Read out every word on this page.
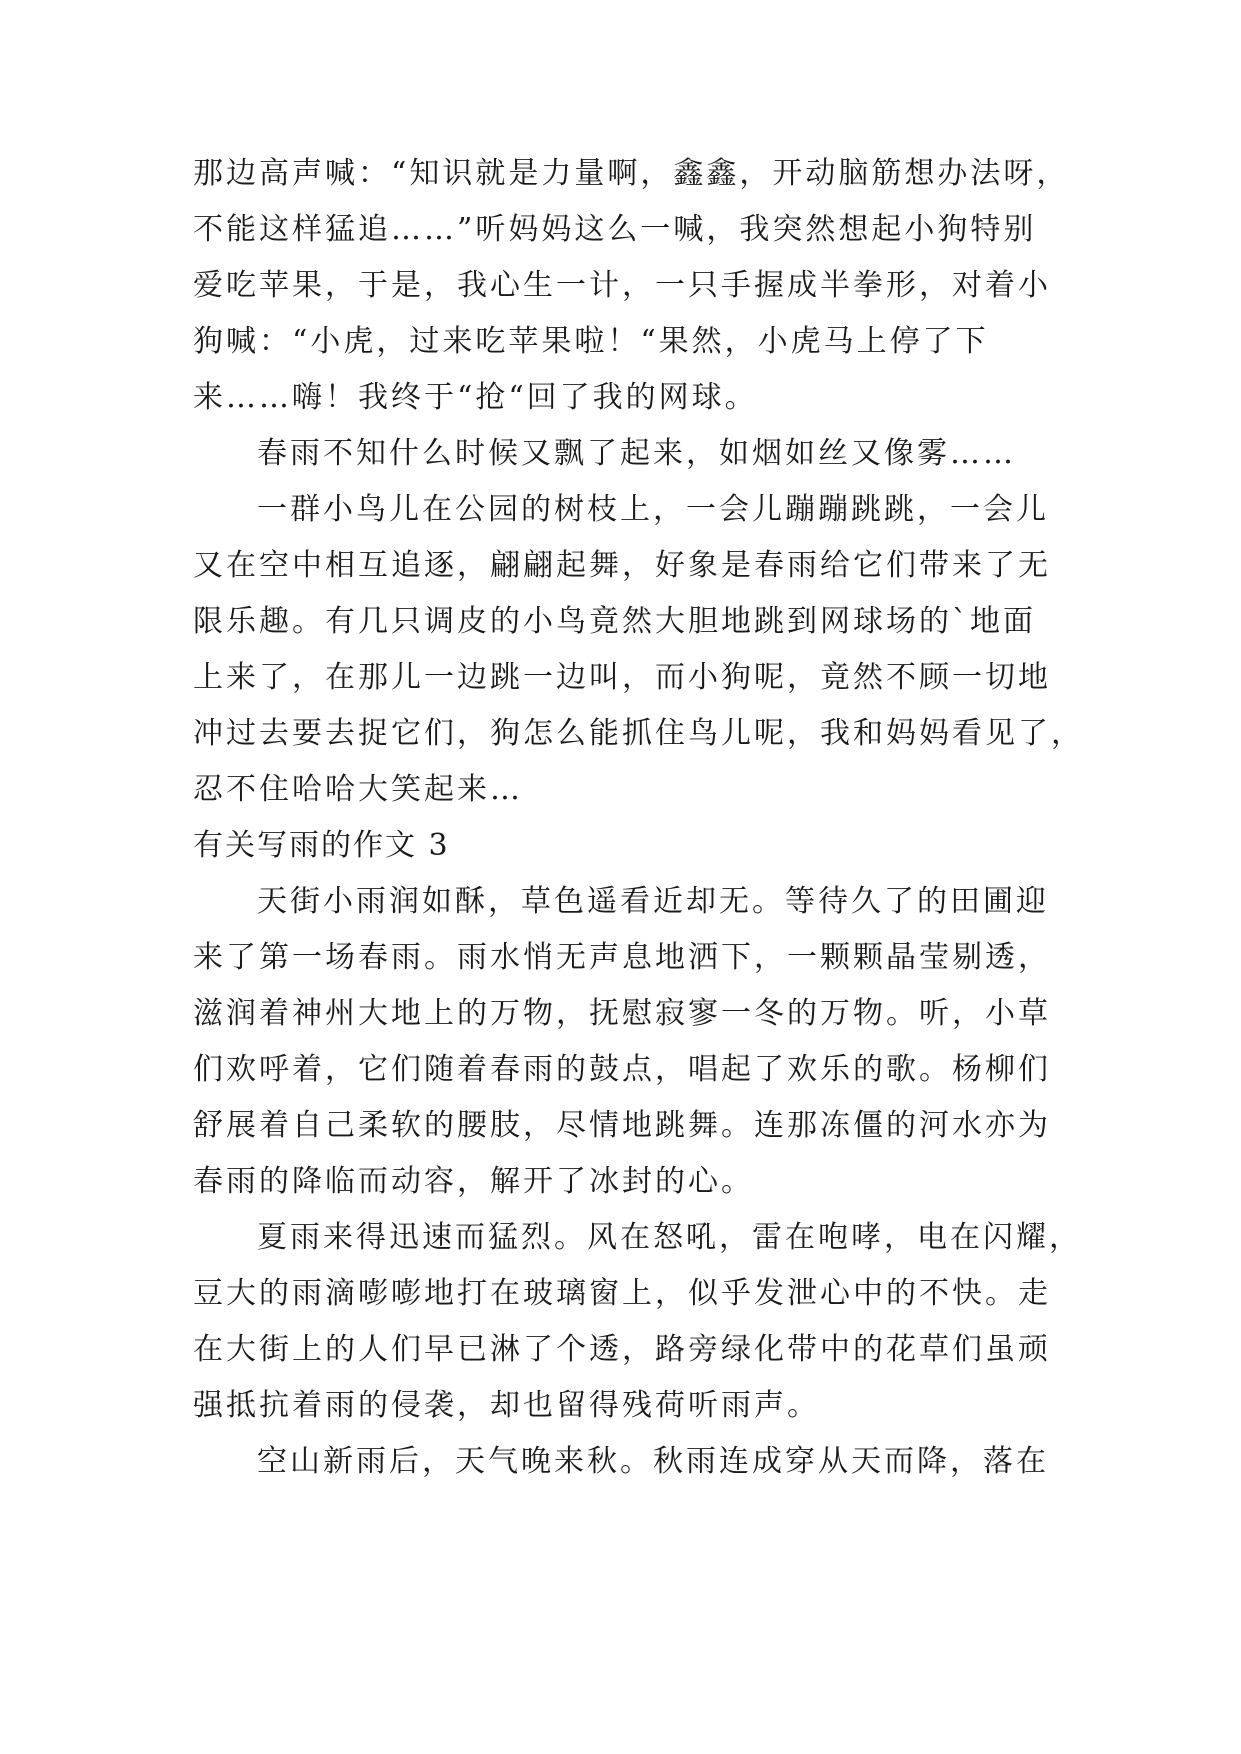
那边高声喊：“知识就是力量啊，鑫鑫，开动脑筋想办法呀，
不能这样猛追……”听妈妈这么一喊，我突然想起小狗特别
爱吃苹果，于是，我心生一计，一只手握成半拳形，对着小
狗喊：“小虎，过来吃苹果啦！“果然，小虎马上停了下
来……嗨！我终于“抢“回了我的网球。
春雨不知什么时候又飘了起来，如烟如丝又像雾……
一群小鸟儿在公园的树枝上，一会儿蹦蹦跳跳，一会儿
又在空中相互追逐，翩翩起舞，好象是春雨给它们带来了无
限乐趣。有几只调皮的小鸟竟然大胆地跳到网球场的`地面
上来了，在那儿一边跳一边叫，而小狗呢，竟然不顾一切地
冲过去要去捉它们，狗怎么能抓住鸟儿呢，我和妈妈看见了，
忍不住哈哈大笑起来…
有关写雨的作文 3
天街小雨润如酥，草色遥看近却无。等待久了的田圃迎
来了第一场春雨。雨水悄无声息地洒下，一颗颗晶莹剔透，
滋润着神州大地上的万物，抚慰寂寥一冬的万物。听，小草
们欢呼着，它们随着春雨的鼓点，唱起了欢乐的歌。杨柳们
舒展着自己柔软的腰肢，尽情地跳舞。连那冻僵的河水亦为
春雨的降临而动容，解开了冰封的心。
夏雨来得迅速而猛烈。风在怒吼，雷在咆哮，电在闪耀，
豆大的雨滴嘭嘭地打在玻璃窗上，似乎发泄心中的不快。走
在大街上的人们早已淋了个透，路旁绿化带中的花草们虽顽
强抵抗着雨的侵袭，却也留得残荷听雨声。
空山新雨后，天气晚来秋。秋雨连成穿从天而降，落在
